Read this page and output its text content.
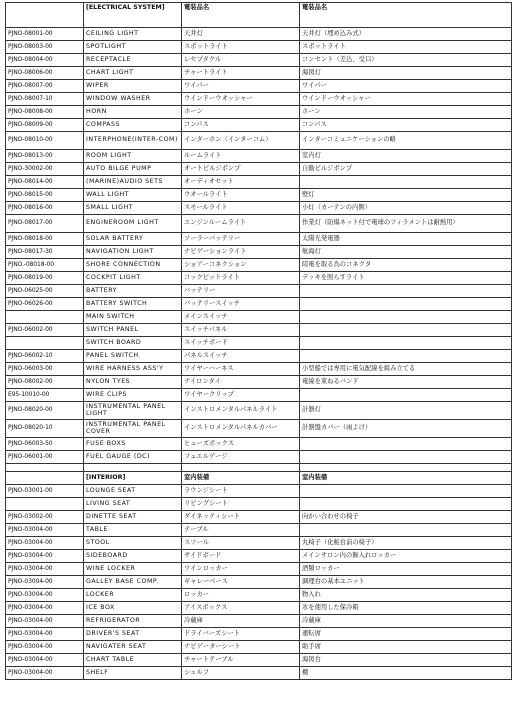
	[ELECTRICAL SYSTEM]	電装品名	電装品名
PJNO-08001-00	CEILING LIGHT	天井灯	天井灯（埋め込み式）
PJNO-08003-00	SPOTLIGHT	スポットライト	スポットライト
PJNO-08004-00	RECEPTACLE	レセプタクル	コンセント（差込、受口）
PJNO-08006-00	CHART LIGHT	チャートライト	海図灯
PJNO-08007-00	WIPER	ワイパー	ワイパー
PJNO-08007-10	WINDOW WASHER	ウインドーウオッシャー	ウインドーウオッシャー
PJNO-08008-00	HORN	ホーン	ホーン
PJNO-08009-00	COMPASS	コンパス	コンパス
PJNO-08010-00	INTERPHONE(INTER-COM)	インターホン（インターコム）	インターコミュニケーションの略
PJNO-08013-00	ROOM LIGHT	ルームライト	室内灯
PJNO-30002-00	AUTO BILGE PUMP	オートビルジポンプ	自動ビルジポンプ
PJNO-08014-00	(MARINE)AUDIO SETS	オーディオセット	
PJNO-08015-00	WALL LIGHT	ウオールライト	壁灯
PJNO-08016-00	SMALL LIGHT	スモールライト	小灯（カーテンの内側）
PJNO-08017-00	ENGINEROOM LIGHT	エンジンルームライト	作業灯（防爆ネット付で電球のフィラメントは耐熱用）
PJNO-08018-00	SOLAR BATTERY	ソーラーバッテリー	太陽光発電器
PJNO-08017-30	NAVIGATION LIGHT	ナビゲーションライト	航海灯
PJNO.-08018-00	SHORE CONNECTION	ショアーコネクション	陸電を取る為のコネクタ
PJNO-08019-00	COCKPIT LIGHT	コックピットライト	デッキを照らすライト
PJNO-06025-00	BATTERY	バッテリー	
PJNO-06026-00	BATTERY SWITCH	バッテリースイッチ	
	MAIN SWITCH	メインスイッチ	
PJNO-06002-00	SWITCH PANEL	スイッチパネル	
	SWITCH BOARD	スイッチボード	
PJNO-06002-10	PANEL SWITCH	パネルスイッチ	
PJNO-06003-00	WIRE HARNESS ASS'Y	ワイヤーハーネス	小型船では専用に電気配線を組み立てる
PJNO-08002-00	NYLON TYES	ナイロンタイ	電線を束ねるバンド
E95-10010-00	WIRE CLIPS	ワイヤークリップ	
PJNO-08020-00	INSTRUMENTAL PANEL LIGHT	インストロメンタルパネルライト	計器灯
PJNO-08020-10	INSTRUMENTAL PANEL COVER	インストロメンタルパネルカバー	計器盤カバー（雨よけ）
PJNO-06003-50	FUSE BOXS	ヒューズボックス	
PJNO-06001-00	FUEL GAUGE (DC)	フュエルゲージ	

	[INTERIOR]	室内装備	室内装備
PJNO-03001-00	LOUNGE SEAT	ラウンジシート	
	LIVING SEAT	リビングシート	
PJNO-03002-00	DINETTE SEAT	ダイネッティシート	向かい合わせの椅子
PJNO-03004-00	TABLE	テーブル	
PJNO-03004-00	STOOL	スツール	丸椅子（化粧台前の椅子）
PJNO-03004-00	SIDEBOARD	サイドボード	メインサロン内の飾入れロッカー
PJNO-03004-00	WINE LOCKER	ワインロッカー	酒類ロッカー
PJNO-03004-00	GALLEY BASE COMP.	ギャレーベース	調理台の基本ユニット
PJNO-03004-00	LOCKER	ロッカー	物入れ
PJNO-03004-00	ICE BOX	アイスボックス	氷を使用した保冷箱
PJNO-03004-00	REFRIGERATOR	冷蔵庫	冷蔵庫
PJNO-03004-00	DRIVER'S SEAT	ドライバーズシート	運転席
PJNO-03004-00	NAVIGATER SEAT	ナビゲーターシート	助手席
PJNO-03004-00	CHART TABLE	チャートテーブル	海図台
PJNO-03004-00	SHELF	シェルフ	棚
